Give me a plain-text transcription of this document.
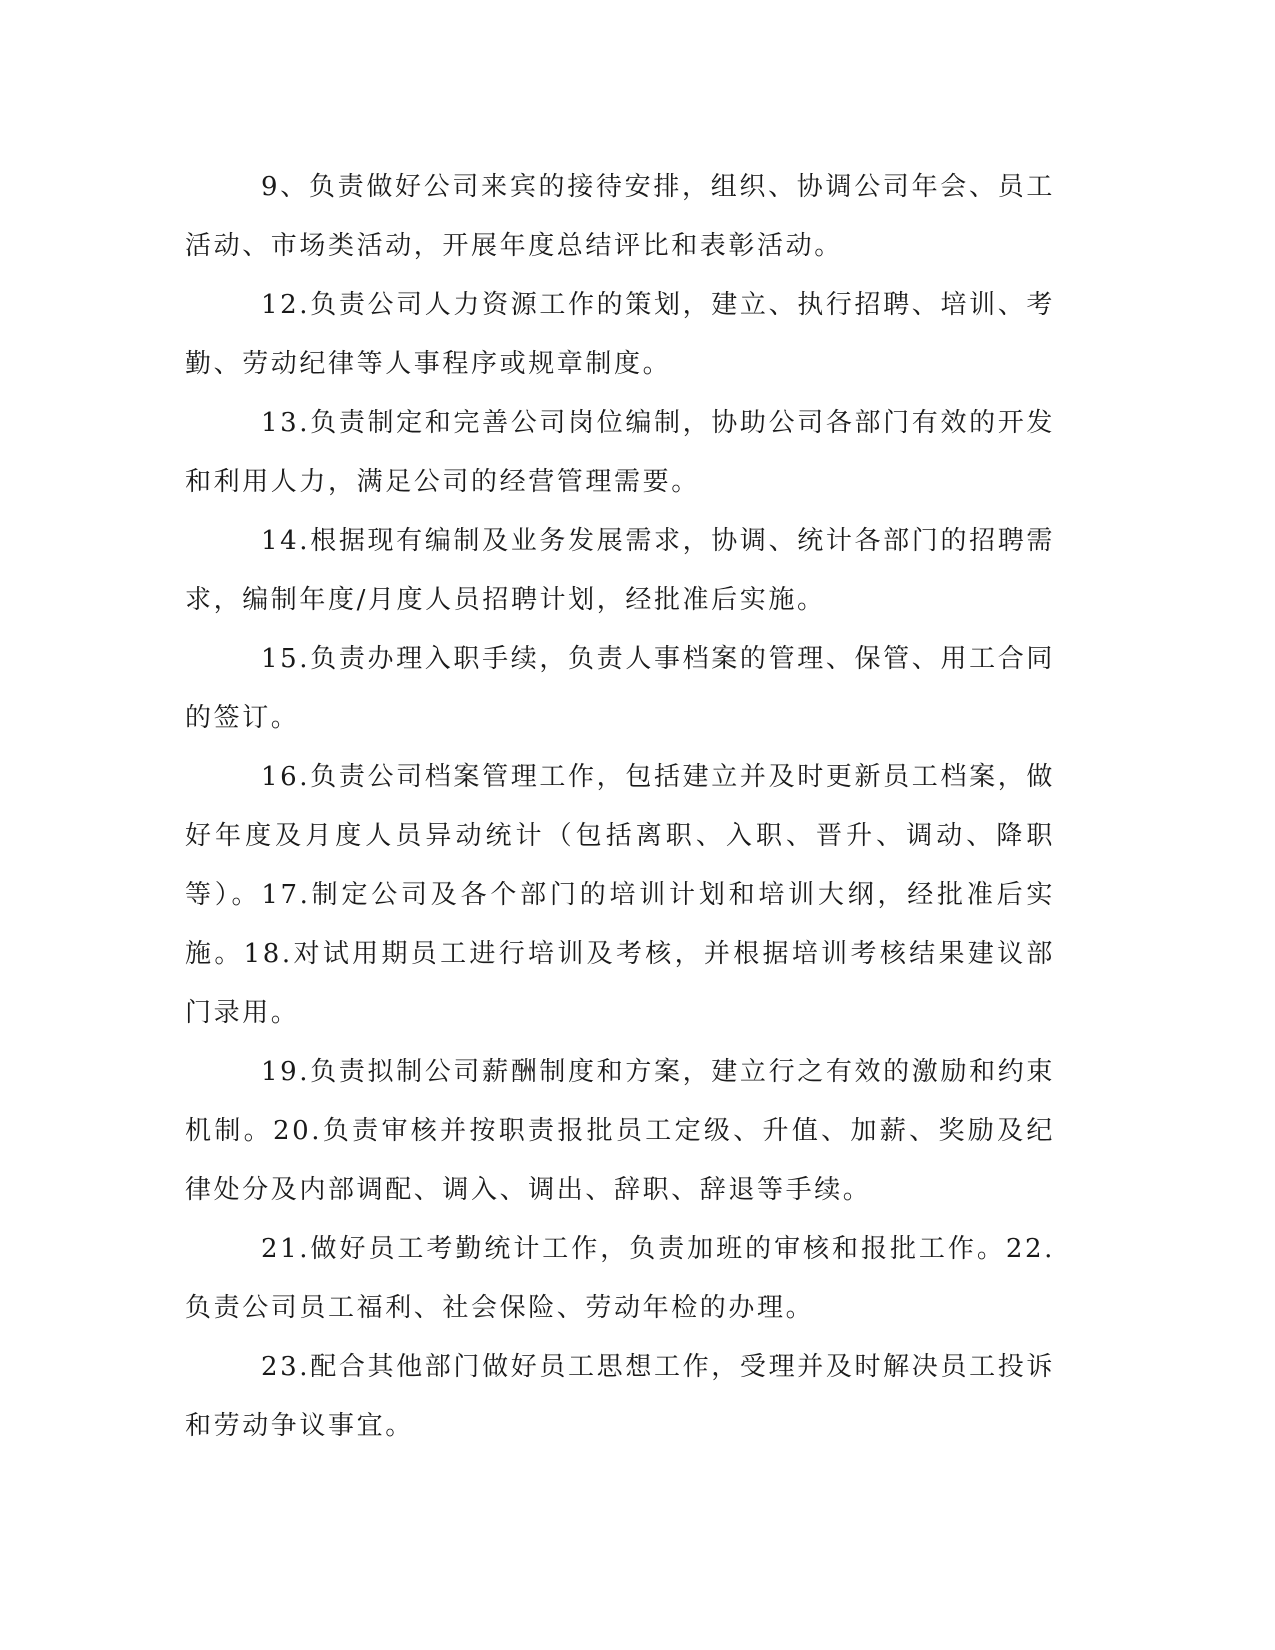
9、负责做好公司来宾的接待安排，组织、协调公司年会、员工活动、市场类活动，开展年度总结评比和表彰活动。

12.负责公司人力资源工作的策划，建立、执行招聘、培训、考勤、劳动纪律等人事程序或规章制度。

13.负责制定和完善公司岗位编制，协助公司各部门有效的开发和利用人力，满足公司的经营管理需要。

14.根据现有编制及业务发展需求，协调、统计各部门的招聘需求，编制年度/月度人员招聘计划，经批准后实施。

15.负责办理入职手续，负责人事档案的管理、保管、用工合同的签订。

16.负责公司档案管理工作，包括建立并及时更新员工档案，做好年度及月度人员异动统计（包括离职、入职、晋升、调动、降职等）。17.制定公司及各个部门的培训计划和培训大纲，经批准后实施。18.对试用期员工进行培训及考核，并根据培训考核结果建议部门录用。

19.负责拟制公司薪酬制度和方案，建立行之有效的激励和约束机制。20.负责审核并按职责报批员工定级、升值、加薪、奖励及纪律处分及内部调配、调入、调出、辞职、辞退等手续。

21.做好员工考勤统计工作，负责加班的审核和报批工作。22.负责公司员工福利、社会保险、劳动年检的办理。

23.配合其他部门做好员工思想工作，受理并及时解决员工投诉和劳动争议事宜。
